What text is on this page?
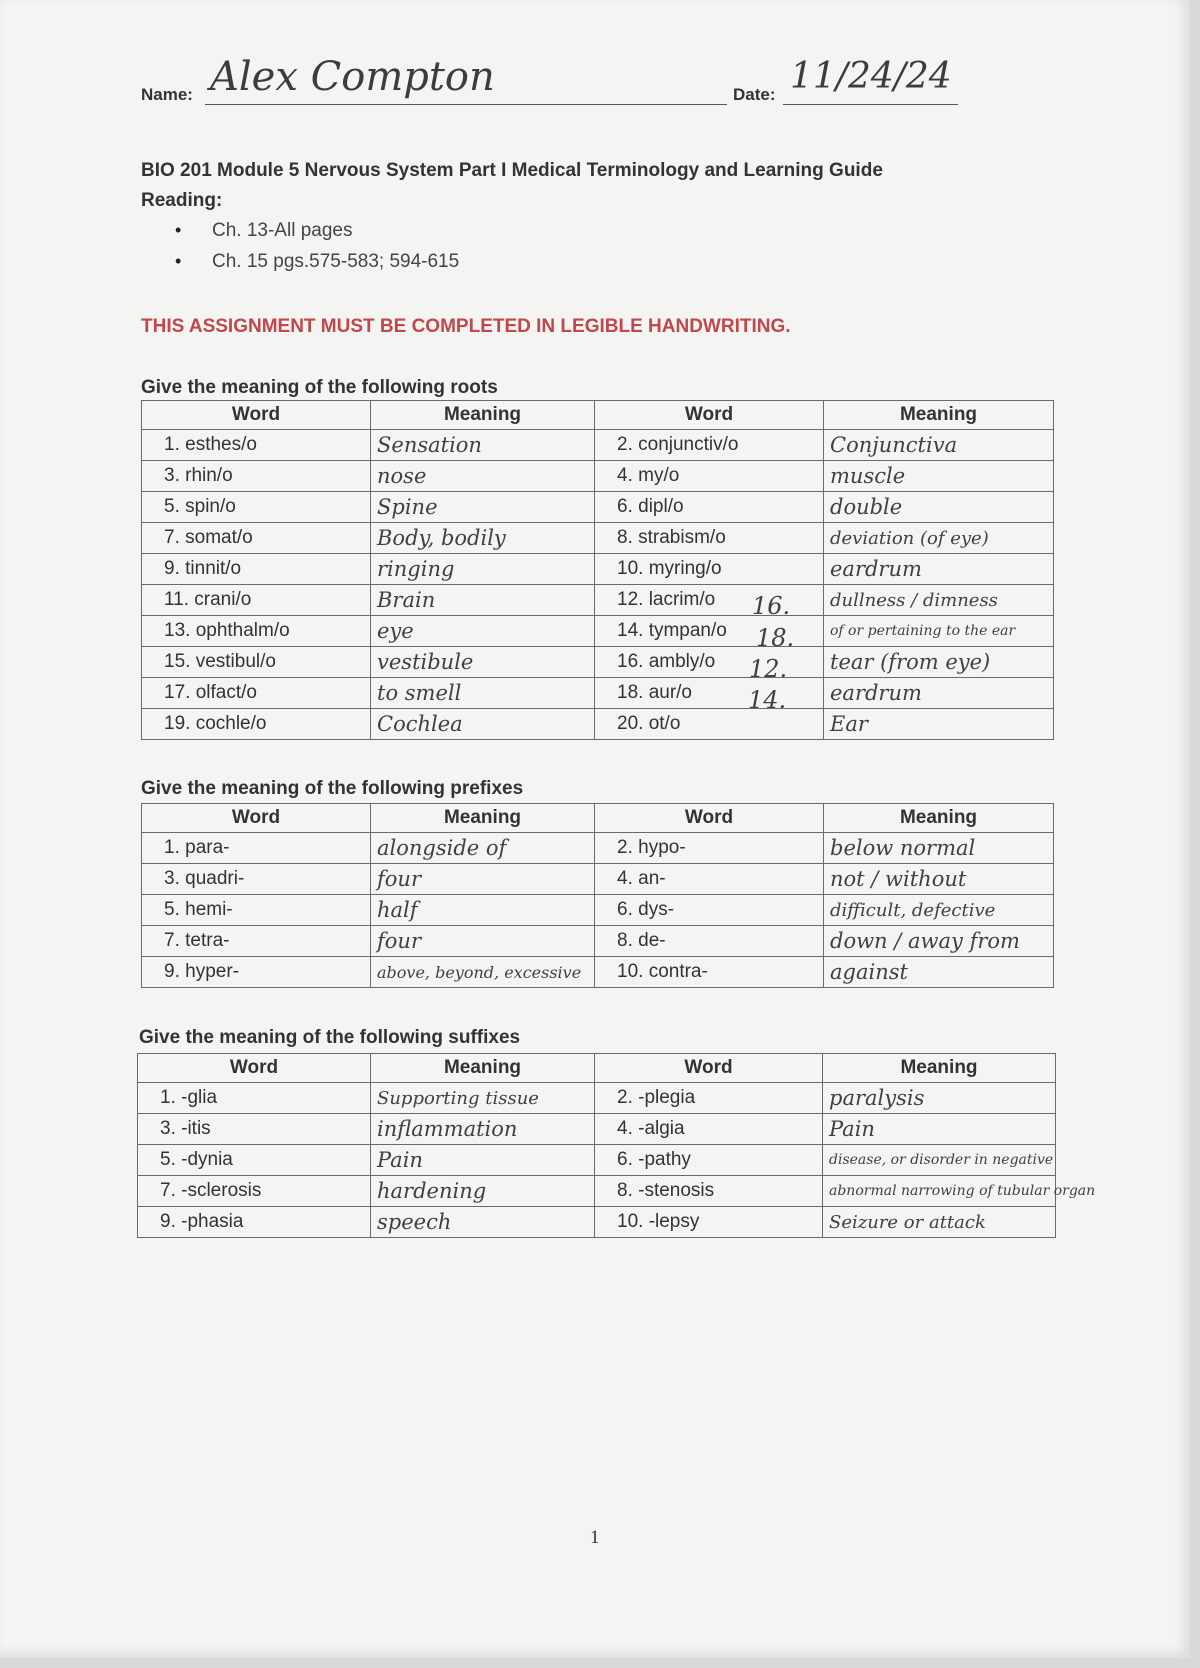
Name: Alex Compton	Date: 11/24/24
BIO 201 Module 5 Nervous System Part I Medical Terminology and Learning Guide
Reading:
• Ch. 13-All pages
• Ch. 15 pgs.575-583; 594-615
THIS ASSIGNMENT MUST BE COMPLETED IN LEGIBLE HANDWRITING.
Give the meaning of the following roots
Word	Meaning	Word	Meaning
1. esthes/o	Sensation	2. conjunctiv/o	Conjunctiva
3. rhin/o	nose	4. my/o	muscle
5. spin/o	Spine	6. dipl/o	double
7. somat/o	Body, bodily	8. strabism/o	deviation (of eye)
9. tinnit/o	ringing	10. myring/o	eardrum
11. crani/o	Brain	12. lacrim/o	dullness / dimness
13. ophthalm/o	eye	14. tympan/o	of or pertaining to the ear
15. vestibul/o	vestibule	16. ambly/o	tear (from eye)
17. olfact/o	to smell	18. aur/o	eardrum
19. cochle/o	Cochlea	20. ot/o	Ear
16.
18.
12.
14.
Give the meaning of the following prefixes
Word	Meaning	Word	Meaning
1. para-	alongside of	2. hypo-	below normal
3. quadri-	four	4. an-	not / without
5. hemi-	half	6. dys-	difficult, defective
7. tetra-	four	8. de-	down / away from
9. hyper-	above, beyond, excessive	10. contra-	against
Give the meaning of the following suffixes
Word	Meaning	Word	Meaning
1. -glia	Supporting tissue	2. -plegia	paralysis
3. -itis	inflammation	4. -algia	Pain
5. -dynia	Pain	6. -pathy	disease, or disorder in negative
7. -sclerosis	hardening	8. -stenosis	abnormal narrowing of tubular organ
9. -phasia	speech	10. -lepsy	Seizure or attack
1
